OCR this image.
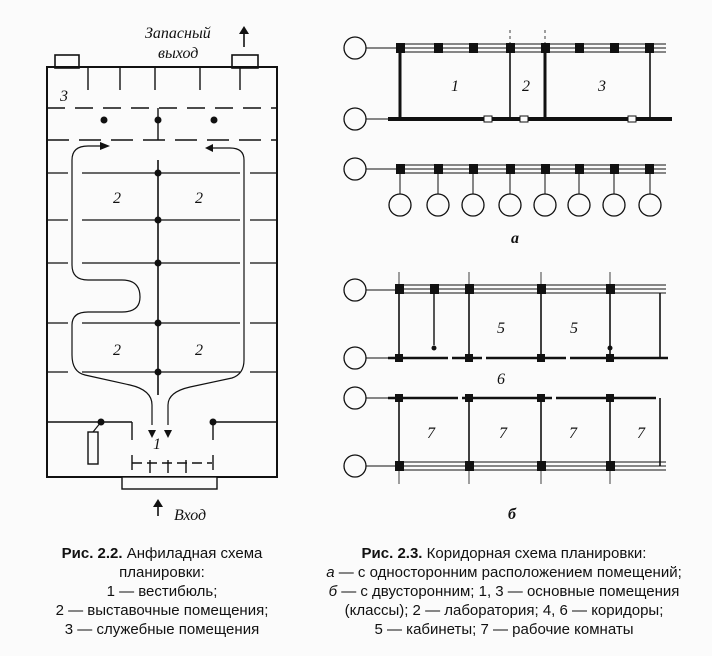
Запасный
выход
Вход
3
2	2
2	2
1
1	2	3
а
5	5
6
7	7	7	7
б
Рис. 2.2. Анфиладная схема
планировки:
1 — вестибюль;
2 — выставочные помещения;
3 — служебные помещения
Рис. 2.3. Коридорная схема планировки:
а — с односторонним расположением помещений;
б — с двусторонним; 1, 3 — основные помещения
(классы); 2 — лаборатория; 4, 6 — коридоры;
5 — кабинеты; 7 — рабочие комнаты
